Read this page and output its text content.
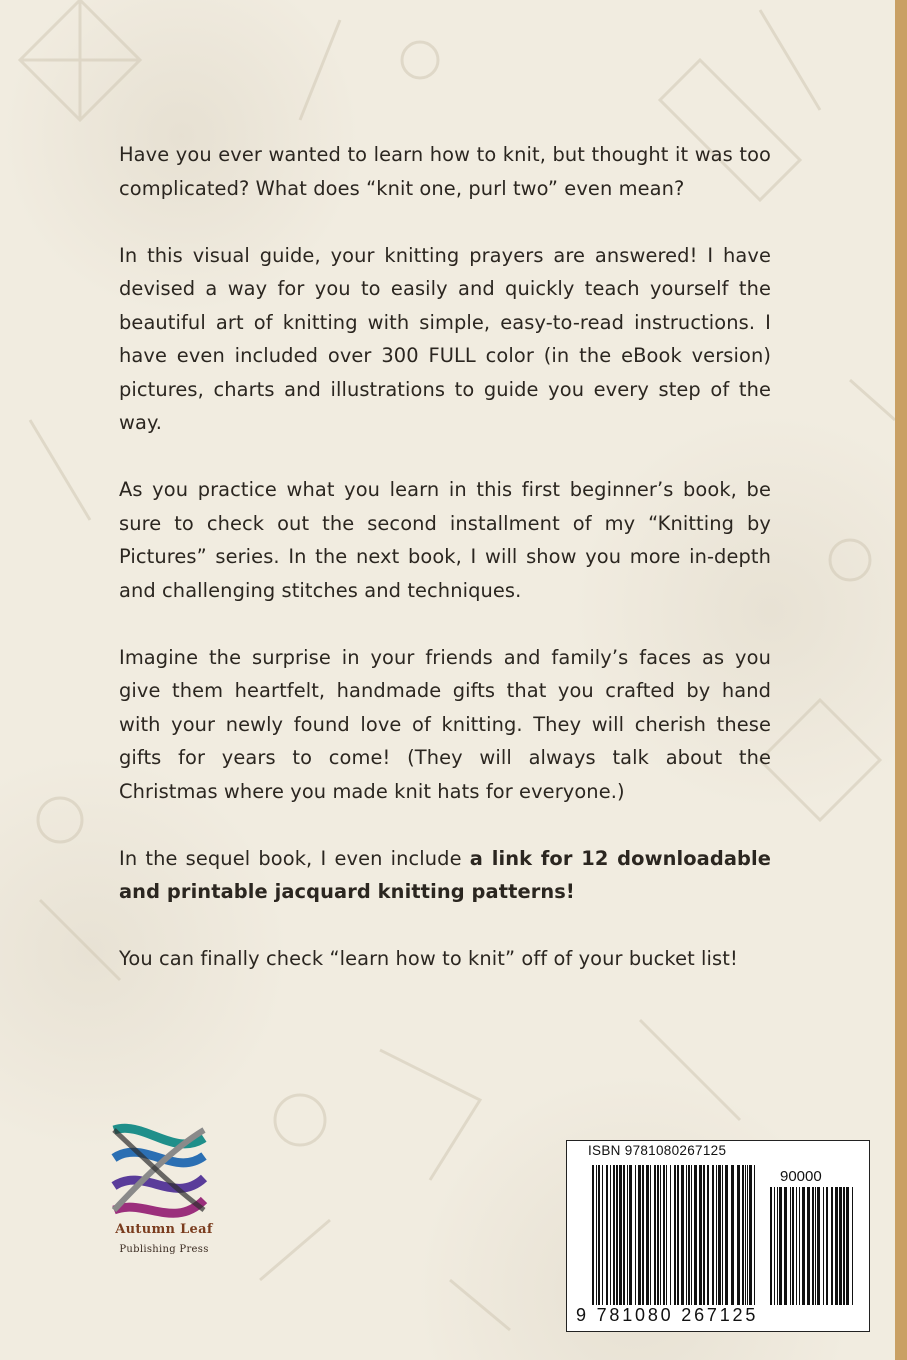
Have you ever wanted to learn how to knit, but thought it was too complicated? What does “knit one, purl two” even mean?

In this visual guide, your knitting prayers are answered! I have devised a way for you to easily and quickly teach yourself the beautiful art of knitting with simple, easy-to-read instructions. I have even included over 300 FULL color (in the eBook version) pictures, charts and illustrations to guide you every step of the way.

As you practice what you learn in this first beginner’s book, be sure to check out the second installment of my “Knitting by Pictures” series. In the next book, I will show you more in-depth and challenging stitches and techniques.

Imagine the surprise in your friends and family’s faces as you give them heartfelt, handmade gifts that you crafted by hand with your newly found love of knitting. They will cherish these gifts for years to come! (They will always talk about the Christmas where you made knit hats for everyone.)

In the sequel book, I even include a link for 12 downloadable and printable jacquard knitting patterns!

You can finally check “learn how to knit” off of your bucket list!

Autumn Leaf
Publishing Press
ISBN 9781080267125
90000
9 781080 267125
